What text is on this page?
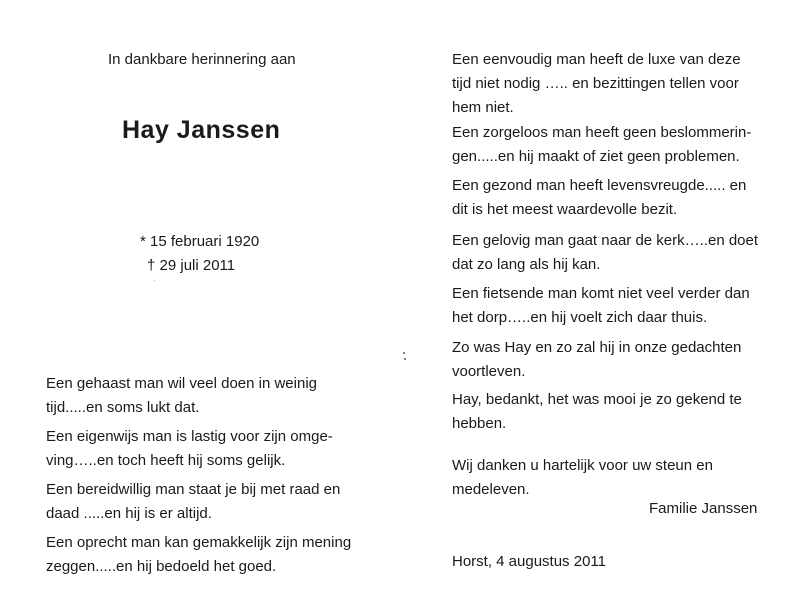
In dankbare herinnering aan
Hay Janssen
* 15 februari 1920
† 29 juli 2011
Een gehaast man wil veel doen in weinig
tijd.....en soms lukt dat.
Een eigenwijs man is lastig voor zijn omge-
ving…..en toch heeft hij soms gelijk.
Een bereidwillig man staat je bij met raad en
daad .....en hij is er altijd.
Een oprecht man kan gemakkelijk zijn mening
zeggen.....en hij bedoeld het goed.
Een eenvoudig man heeft de luxe van deze
tijd niet nodig ….. en bezittingen tellen voor
hem niet.
Een zorgeloos man heeft geen beslommerin-
gen.....en hij maakt of ziet geen problemen.
Een gezond man heeft levensvreugde..... en
dit is het meest waardevolle bezit.
Een gelovig man gaat naar de kerk…..en doet
dat zo lang als hij kan.
Een fietsende man komt niet veel verder dan
het dorp…..en hij voelt zich daar thuis.
Zo was Hay en zo zal hij in onze gedachten
voortleven.
Hay, bedankt, het was mooi je zo gekend te
hebben.
Wij danken u hartelijk voor uw steun en
medeleven.
Familie Janssen
Horst, 4 augustus 2011
